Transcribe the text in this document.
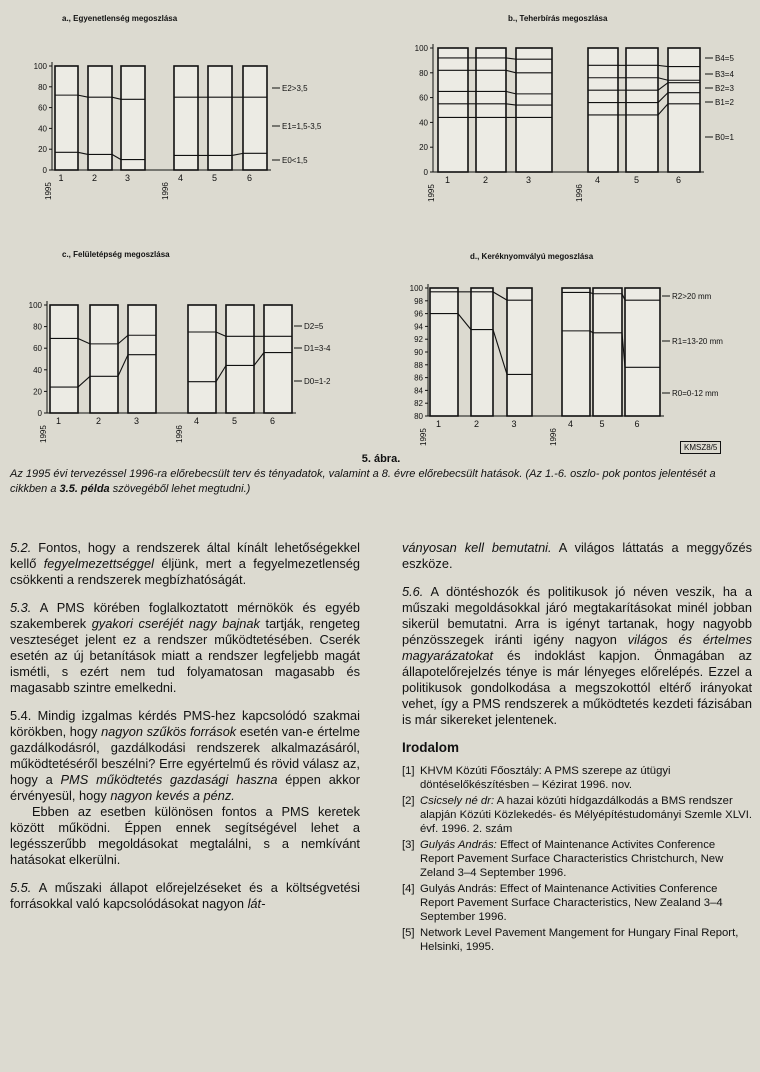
a., Egyenetlenség megoszlása	b., Teherbírás megoszlása
c., Felületépség megoszlása	d., Keréknyomvályú megoszlása
0
20
40
60
80
100
1	2	3	4	5	6
1995	1996
E2>3,5
E1=1,5-3,5
E0<1,5
0
20
40
60
80
100
1	2	3	4	5	6
1995	1996
B4=5
B3=4
B2=3
B1=2
B0=1
0
20
40
60
80
100
1	2	3	4	5	6
1995	1996
D2=5
D1=3-4
D0=1-2
80
82
84
86
88
90
92
94
96
98
100
1	2	3	4	5	6
1995	1996
R2>20 mm
R1=13-20 mm
R0=0-12 mm
KMSZ8/5
5. ábra.
Az 1995 évi tervezéssel 1996-ra előrebecsült terv és tényadatok, valamint a 8. évre előrebecsült hatások. (Az 1.-6. oszlo- pok pontos jelentését a cikkben a 3.5. példa szövegéből lehet megtudni.)

5.2. Fontos, hogy a rendszerek által kínált lehetőségekkel kellő fegyelmezettséggel éljünk, mert a fegyelmezetlenség csökkenti a rendszerek megbízhatóságát.

5.3. A PMS körében foglalkoztatott mérnökök és egyéb szakemberek gyakori cseréjét nagy bajnak tartják, rengeteg veszteséget jelent ez a rendszer működtetésében. Cserék esetén az új betanítások miatt a rendszer legfeljebb magát ismétli, s ezért nem tud folyamatosan magasabb és magasabb szintre emelkedni.

5.4. Mindig izgalmas kérdés PMS-hez kapcsolódó szakmai körökben, hogy nagyon szűkös források esetén van-e értelme gazdálkodásról, gazdálkodási rendszerek alkalmazásáról, működtetéséről beszélni? Erre egyértelmű és rövid válasz az, hogy a PMS működtetés gazdasági haszna éppen akkor érvényesül, hogy nagyon kevés a pénz.

Ebben az esetben különösen fontos a PMS keretek között működni. Éppen ennek segítségével lehet a legésszerűbb megoldásokat megtalálni, s a nemkívánt hatásokat elkerülni.

5.5. A műszaki állapot előrejelzéseket és a költségvetési forrásokkal való kapcsolódásokat nagyon lát-

ványosan kell bemutatni. A világos láttatás a meggyőzés eszköze.

5.6. A döntéshozók és politikusok jó néven veszik, ha a műszaki megoldásokkal járó megtakarításokat minél jobban sikerül bemutatni. Arra is igényt tartanak, hogy nagyobb pénzösszegek iránti igény nagyon világos és értelmes magyarázatokat és indoklást kapjon. Önmagában az állapotelőrejelzés ténye is már lényeges előrelépés. Ezzel a politikusok gondolkodása a megszokottól eltérő irányokat vehet, így a PMS rendszerek a működtetés kezdeti fázisában is már sikereket jelentenek.

Irodalom
[1] KHVM Közúti Főosztály: A PMS szerepe az útügyi döntéselőkészítésben – Kézirat 1996. nov.
[2] Csicsely né dr: A hazai közúti hídgazdálkodás a BMS rendszer alapján Közúti Közlekedés- és Mélyépítéstudományi Szemle XLVI. évf. 1996. 2. szám
[3] Gulyás András: Effect of Maintenance Activites Conference Report Pavement Surface Characteristics Christchurch, New Zeland 3–4 September 1996.
[4] Gulyás András: Effect of Maintenance Activities Conference Report Pavement Surface Characteristics, New Zealand 3–4 September 1996.
[5] Network Level Pavement Mangement for Hungary Final Report, Helsinki, 1995.
